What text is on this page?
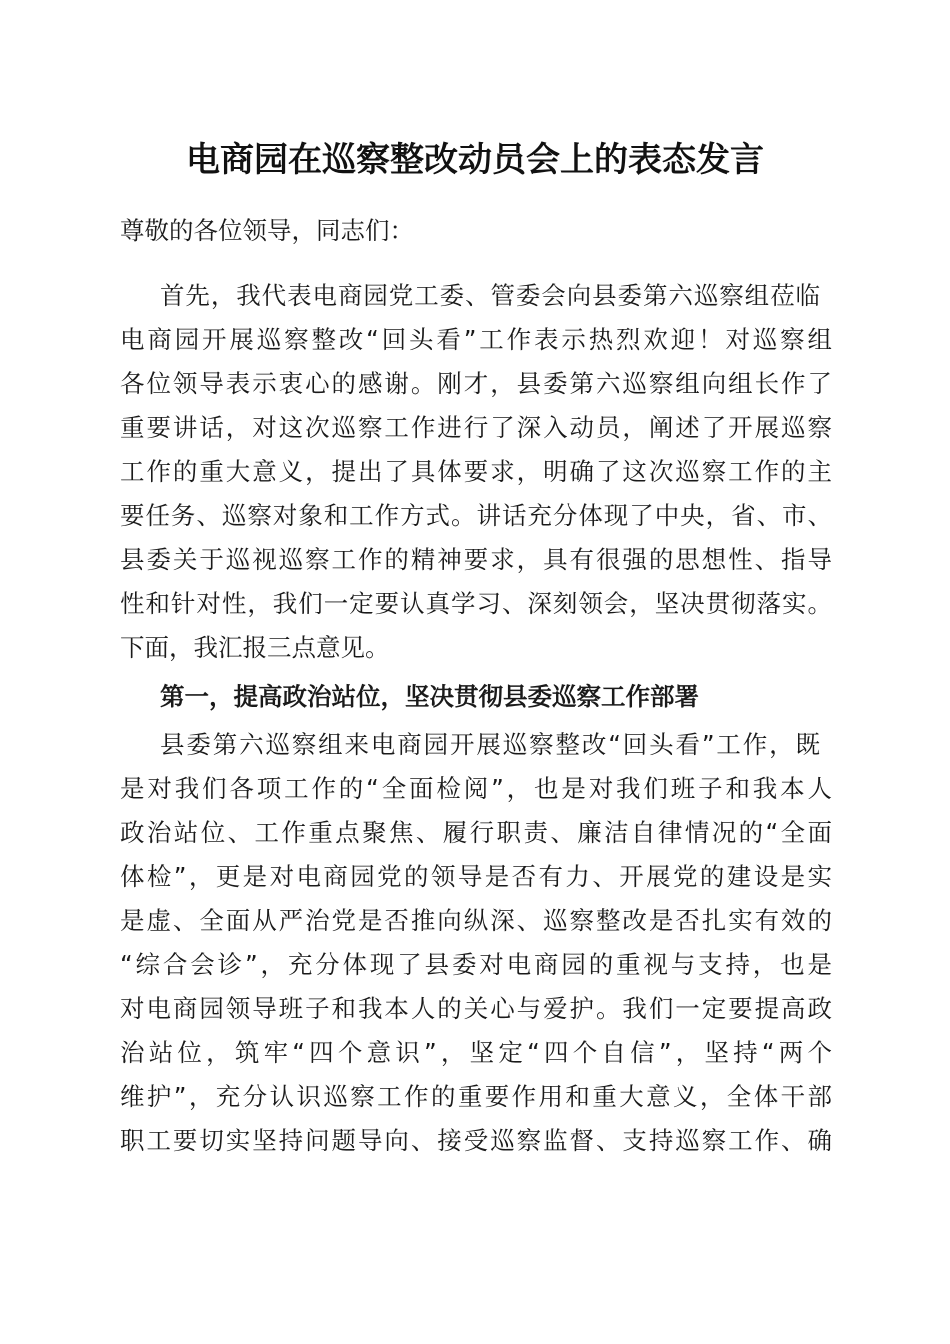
电商园在巡察整改动员会上的表态发言
尊敬的各位领导，同志们：
首先，我代表电商园党工委、管委会向县委第六巡察组莅临
电商园开展巡察整改“回头看”工作表示热烈欢迎！对巡察组
各位领导表示衷心的感谢。刚才，县委第六巡察组向组长作了
重要讲话，对这次巡察工作进行了深入动员，阐述了开展巡察
工作的重大意义，提出了具体要求，明确了这次巡察工作的主
要任务、巡察对象和工作方式。讲话充分体现了中央，省、市、
县委关于巡视巡察工作的精神要求，具有很强的思想性、指导
性和针对性，我们一定要认真学习、深刻领会，坚决贯彻落实。
下面，我汇报三点意见。
第一，提高政治站位，坚决贯彻县委巡察工作部署
县委第六巡察组来电商园开展巡察整改“回头看”工作，既
是对我们各项工作的“全面检阅”，也是对我们班子和我本人
政治站位、工作重点聚焦、履行职责、廉洁自律情况的“全面
体检”，更是对电商园党的领导是否有力、开展党的建设是实
是虚、全面从严治党是否推向纵深、巡察整改是否扎实有效的
“综合会诊”，充分体现了县委对电商园的重视与支持，也是
对电商园领导班子和我本人的关心与爱护。我们一定要提高政
治站位，筑牢“四个意识”，坚定“四个自信”，坚持“两个
维护”，充分认识巡察工作的重要作用和重大意义，全体干部
职工要切实坚持问题导向、接受巡察监督、支持巡察工作、确
